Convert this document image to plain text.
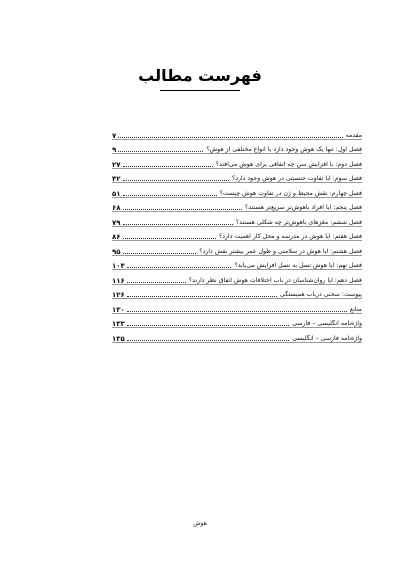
فهرست مطالب
مقدمه
۷
فصل اول: تنها یک هوش وجود دارد یا انواع مختلفی از هوش؟
۹
فصل دوم: با افزایش سن چه اتفاقی برای هوش می‌افتد؟
۲۷
فصل سوم: آیا تفاوت جنسیتی در هوش وجود دارد؟
۴۲
فصل چهارم: نقش محیط و ژن در تفاوت هوش چیست؟
۵۱
فصل پنجم: آیا افراد باهوش‌تر سریع‌تر هستند؟
۶۸
فصل ششم: مغزهای باهوش‌تر چه شکلی هستند؟
۷۹
فصل هفتم: آیا هوش در مدرسه و محل کار اهمیت دارد؟
۸۶
فصل هشتم: آیا هوش در سلامتی و طول عمر بیشتر نقش دارد؟
۹۵
فصل نهم: آیا هوش نسل به نسل افزایش می‌یابد؟
۱۰۴
فصل دهم: آیا روان‌شناسان در باب اختلافات هوش اتفاق نظر دارند؟
۱۱۶
پیوست: سخنی درباب همبستگی
۱۲۶
منابع
۱۳۰
واژه‌نامه انگلیسی – فارسی
۱۳۳
واژه‌نامه فارسی – انگلیسی
۱۳۵
هوش
